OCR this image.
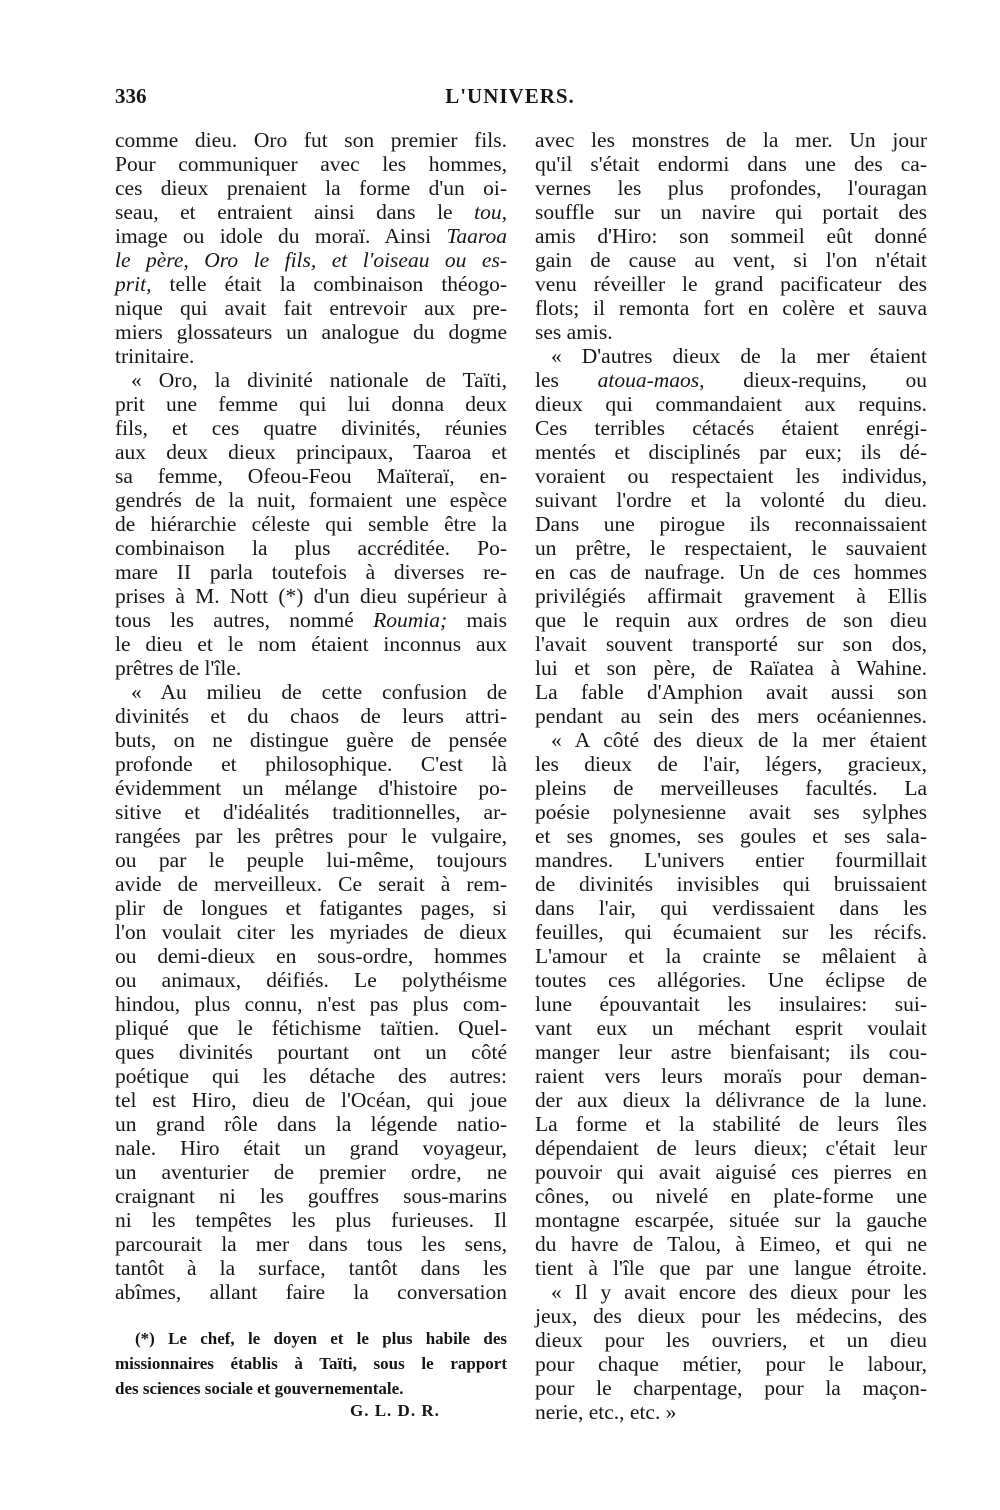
336	L'UNIVERS.
comme dieu. Oro fut son premier fils.
Pour communiquer avec les hommes,
ces dieux prenaient la forme d'un oi-
seau, et entraient ainsi dans le tou,
image ou idole du moraï. Ainsi Taaroa
le père, Oro le fils, et l'oiseau ou es-
prit, telle était la combinaison théogo-
nique qui avait fait entrevoir aux pre-
miers glossateurs un analogue du dogme
trinitaire.
« Oro, la divinité nationale de Taïti,
prit une femme qui lui donna deux
fils, et ces quatre divinités, réunies
aux deux dieux principaux, Taaroa et
sa femme, Ofeou-Feou Maïteraï, en-
gendrés de la nuit, formaient une espèce
de hiérarchie céleste qui semble être la
combinaison la plus accréditée. Po-
mare II parla toutefois à diverses re-
prises à M. Nott (*) d'un dieu supérieur à
tous les autres, nommé Roumia; mais
le dieu et le nom étaient inconnus aux
prêtres de l'île.
« Au milieu de cette confusion de
divinités et du chaos de leurs attri-
buts, on ne distingue guère de pensée
profonde et philosophique. C'est là
évidemment un mélange d'histoire po-
sitive et d'idéalités traditionnelles, ar-
rangées par les prêtres pour le vulgaire,
ou par le peuple lui-même, toujours
avide de merveilleux. Ce serait à rem-
plir de longues et fatigantes pages, si
l'on voulait citer les myriades de dieux
ou demi-dieux en sous-ordre, hommes
ou animaux, déifiés. Le polythéisme
hindou, plus connu, n'est pas plus com-
pliqué que le fétichisme taïtien. Quel-
ques divinités pourtant ont un côté
poétique qui les détache des autres:
tel est Hiro, dieu de l'Océan, qui joue
un grand rôle dans la légende natio-
nale. Hiro était un grand voyageur,
un aventurier de premier ordre, ne
craignant ni les gouffres sous-marins
ni les tempêtes les plus furieuses. Il
parcourait la mer dans tous les sens,
tantôt à la surface, tantôt dans les
abîmes, allant faire la conversation
avec les monstres de la mer. Un jour
qu'il s'était endormi dans une des ca-
vernes les plus profondes, l'ouragan
souffle sur un navire qui portait des
amis d'Hiro: son sommeil eût donné
gain de cause au vent, si l'on n'était
venu réveiller le grand pacificateur des
flots; il remonta fort en colère et sauva
ses amis.
« D'autres dieux de la mer étaient
les atoua-maos, dieux-requins, ou
dieux qui commandaient aux requins.
Ces terribles cétacés étaient enrégi-
mentés et disciplinés par eux; ils dé-
voraient ou respectaient les individus,
suivant l'ordre et la volonté du dieu.
Dans une pirogue ils reconnaissaient
un prêtre, le respectaient, le sauvaient
en cas de naufrage. Un de ces hommes
privilégiés affirmait gravement à Ellis
que le requin aux ordres de son dieu
l'avait souvent transporté sur son dos,
lui et son père, de Raïatea à Wahine.
La fable d'Amphion avait aussi son
pendant au sein des mers océaniennes.
« A côté des dieux de la mer étaient
les dieux de l'air, légers, gracieux,
pleins de merveilleuses facultés. La
poésie polynesienne avait ses sylphes
et ses gnomes, ses goules et ses sala-
mandres. L'univers entier fourmillait
de divinités invisibles qui bruissaient
dans l'air, qui verdissaient dans les
feuilles, qui écumaient sur les récifs.
L'amour et la crainte se mêlaient à
toutes ces allégories. Une éclipse de
lune épouvantait les insulaires: sui-
vant eux un méchant esprit voulait
manger leur astre bienfaisant; ils cou-
raient vers leurs moraïs pour deman-
der aux dieux la délivrance de la lune.
La forme et la stabilité de leurs îles
dépendaient de leurs dieux; c'était leur
pouvoir qui avait aiguisé ces pierres en
cônes, ou nivelé en plate-forme une
montagne escarpée, située sur la gauche
du havre de Talou, à Eimeo, et qui ne
tient à l'île que par une langue étroite.
« Il y avait encore des dieux pour les
jeux, des dieux pour les médecins, des
dieux pour les ouvriers, et un dieu
pour chaque métier, pour le labour,
pour le charpentage, pour la maçon-
nerie, etc., etc. »
(*) Le chef, le doyen et le plus habile des
missionnaires établis à Taïti, sous le rapport
des sciences sociale et gouvernementale.
G. L. D. R.
